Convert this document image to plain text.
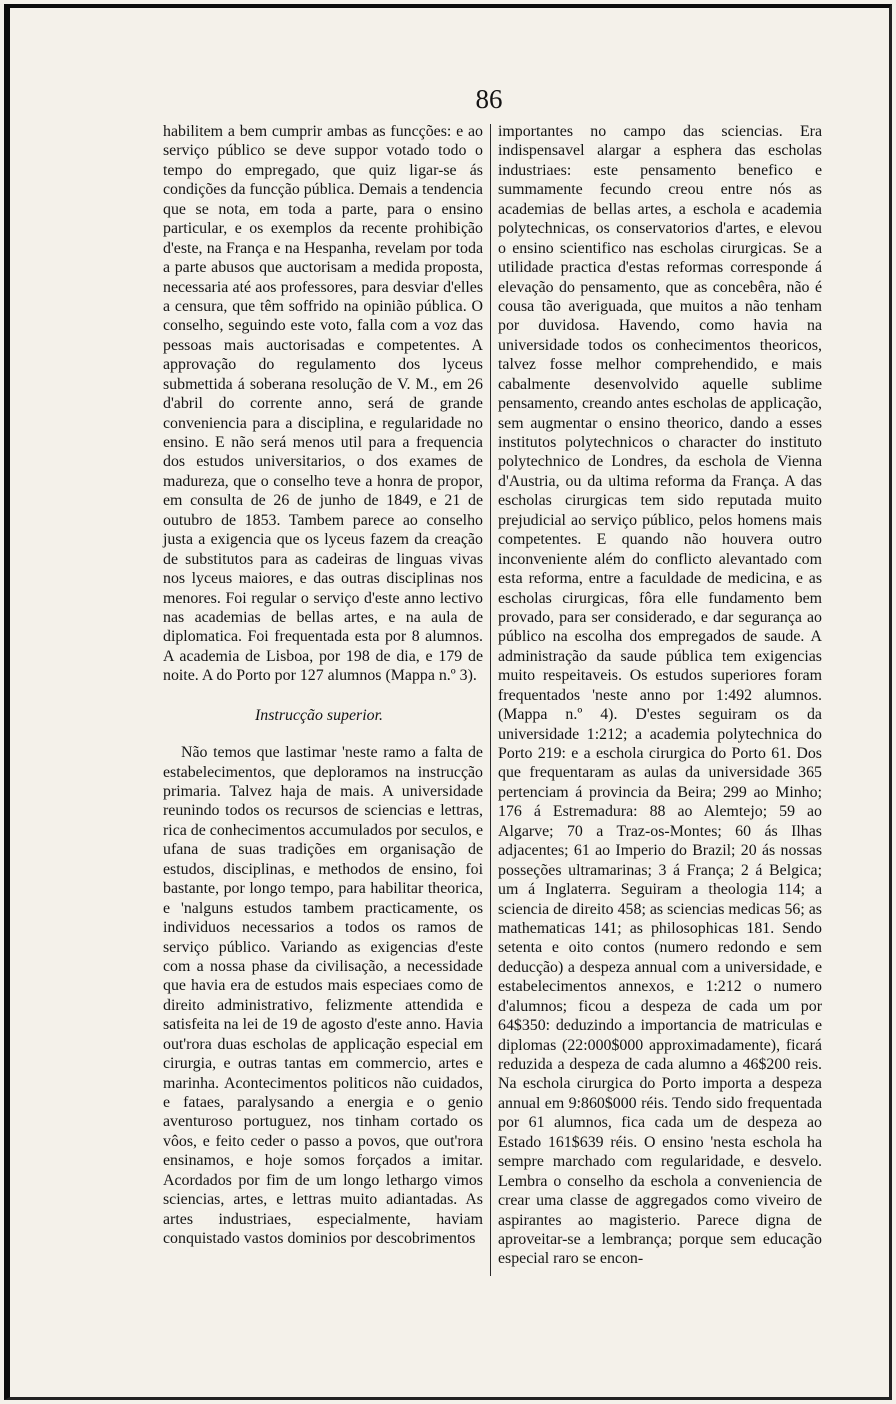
86

habilitem a bem cumprir ambas as funcções: e ao serviço público se deve suppor votado todo o tempo do empregado, que quiz ligar-se ás condições da funcção pública. Demais a tendencia que se nota, em toda a parte, para o ensino particular, e os exemplos da recente prohibição d'este, na França e na Hespanha, revelam por toda a parte abusos que auctorisam a medida proposta, necessaria até aos professores, para desviar d'elles a censura, que têm soffrido na opinião pública. O conselho, seguindo este voto, falla com a voz das pessoas mais auctorisadas e competentes. A approvação do regulamento dos lyceus submettida á soberana resolução de V. M., em 26 d'abril do corrente anno, será de grande conveniencia para a disciplina, e regularidade no ensino. E não será menos util para a frequencia dos estudos universitarios, o dos exames de madureza, que o conselho teve a honra de propor, em consulta de 26 de junho de 1849, e 21 de outubro de 1853. Tambem parece ao conselho justa a exigencia que os lyceus fazem da creação de substitutos para as cadeiras de linguas vivas nos lyceus maiores, e das outras disciplinas nos menores. Foi regular o serviço d'este anno lectivo nas academias de bellas artes, e na aula de diplomatica. Foi frequentada esta por 8 alumnos. A academia de Lisboa, por 198 de dia, e 179 de noite. A do Porto por 127 alumnos (Mappa n.º 3).

Instrucção superior.

Não temos que lastimar 'neste ramo a falta de estabelecimentos, que deploramos na instrucção primaria. Talvez haja de mais. A universidade reunindo todos os recursos de sciencias e lettras, rica de conhecimentos accumulados por seculos, e ufana de suas tradições em organisação de estudos, disciplinas, e methodos de ensino, foi bastante, por longo tempo, para habilitar theorica, e 'nalguns estudos tambem practicamente, os individuos necessarios a todos os ramos de serviço público. Variando as exigencias d'este com a nossa phase da civilisação, a necessidade que havia era de estudos mais especiaes como de direito administrativo, felizmente attendida e satisfeita na lei de 19 de agosto d'este anno. Havia out'rora duas escholas de applicação especial em cirurgia, e outras tantas em commercio, artes e marinha. Acontecimentos politicos não cuidados, e fataes, paralysando a energia e o genio aventuroso portuguez, nos tinham cortado os vôos, e feito ceder o passo a povos, que out'rora ensinamos, e hoje somos forçados a imitar. Acordados por fim de um longo lethargo vimos sciencias, artes, e lettras muito adiantadas. As artes industriaes, especialmente, haviam conquistado vastos dominios por descobrimentos

importantes no campo das sciencias. Era indispensavel alargar a esphera das escholas industriaes: este pensamento benefico e summamente fecundo creou entre nós as academias de bellas artes, a eschola e academia polytechnicas, os conservatorios d'artes, e elevou o ensino scientifico nas escholas cirurgicas. Se a utilidade practica d'estas reformas corresponde á elevação do pensamento, que as concebêra, não é cousa tão averiguada, que muitos a não tenham por duvidosa. Havendo, como havia na universidade todos os conhecimentos theoricos, talvez fosse melhor comprehendido, e mais cabalmente desenvolvido aquelle sublime pensamento, creando antes escholas de applicação, sem augmentar o ensino theorico, dando a esses institutos polytechnicos o character do instituto polytechnico de Londres, da eschola de Vienna d'Austria, ou da ultima reforma da França. A das escholas cirurgicas tem sido reputada muito prejudicial ao serviço público, pelos homens mais competentes. E quando não houvera outro inconveniente além do conflicto alevantado com esta reforma, entre a faculdade de medicina, e as escholas cirurgicas, fôra elle fundamento bem provado, para ser considerado, e dar segurança ao público na escolha dos empregados de saude. A administração da saude pública tem exigencias muito respeitaveis. Os estudos superiores foram frequentados 'neste anno por 1:492 alumnos. (Mappa n.º 4). D'estes seguiram os da universidade 1:212; a academia polytechnica do Porto 219: e a eschola cirurgica do Porto 61. Dos que frequentaram as aulas da universidade 365 pertenciam á provincia da Beira; 299 ao Minho; 176 á Estremadura: 88 ao Alemtejo; 59 ao Algarve; 70 a Traz-os-Montes; 60 ás Ilhas adjacentes; 61 ao Imperio do Brazil; 20 ás nossas posseções ultramarinas; 3 á França; 2 á Belgica; um á Inglaterra. Seguiram a theologia 114; a sciencia de direito 458; as sciencias medicas 56; as mathematicas 141; as philosophicas 181. Sendo setenta e oito contos (numero redondo e sem deducção) a despeza annual com a universidade, e estabelecimentos annexos, e 1:212 o numero d'alumnos; ficou a despeza de cada um por 64$350: deduzindo a importancia de matriculas e diplomas (22:000$000 approximadamente), ficará reduzida a despeza de cada alumno a 46$200 reis. Na eschola cirurgica do Porto importa a despeza annual em 9:860$000 réis. Tendo sido frequentada por 61 alumnos, fica cada um de despeza ao Estado 161$639 réis. O ensino 'nesta eschola ha sempre marchado com regularidade, e desvelo. Lembra o conselho da eschola a conveniencia de crear uma classe de aggregados como viveiro de aspirantes ao magisterio. Parece digna de aproveitar-se a lembrança; porque sem educação especial raro se encon-
